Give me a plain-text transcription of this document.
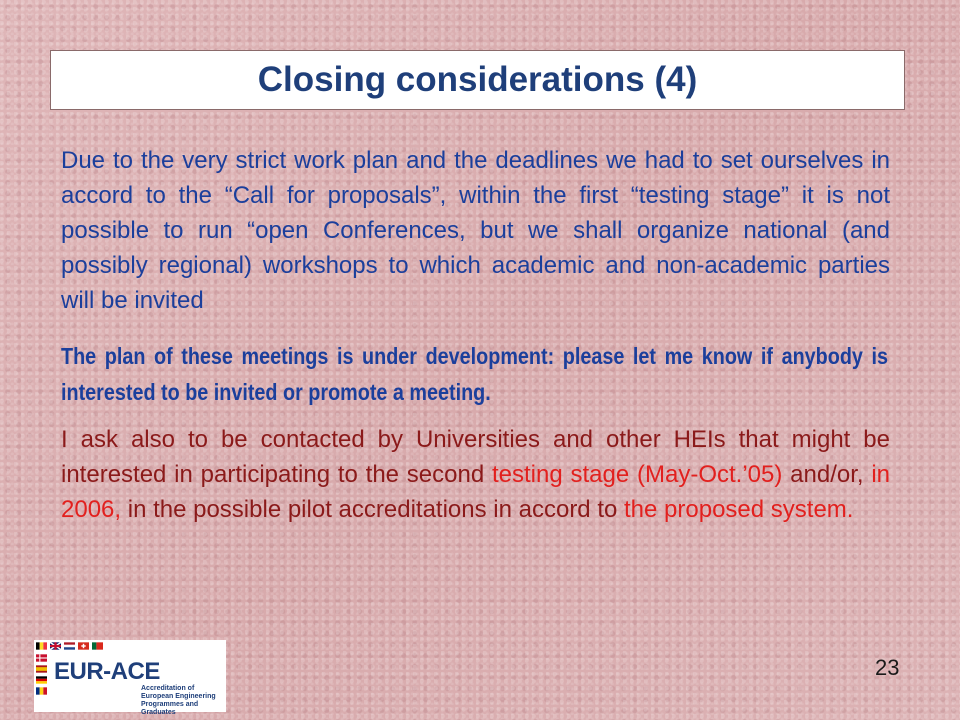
Closing considerations (4)

Due to the very strict work plan and the deadlines we had to set ourselves in accord to the “Call for proposals”, within the first “testing stage” it is not possible to run “open Conferences, but we shall organize national (and possibly regional) workshops to which academic and non-academic parties will be invited

The plan of these meetings is under development: please let me know if anybody is interested to be invited or promote a meeting.

I ask also to be contacted by Universities and other HEIs that might be interested in participating to the second testing stage (May-Oct.’05) and/or, in 2006, in the possible pilot accreditations in accord to the proposed system.

EUR-ACE
Accreditation of European Engineering Programmes and Graduates
23
